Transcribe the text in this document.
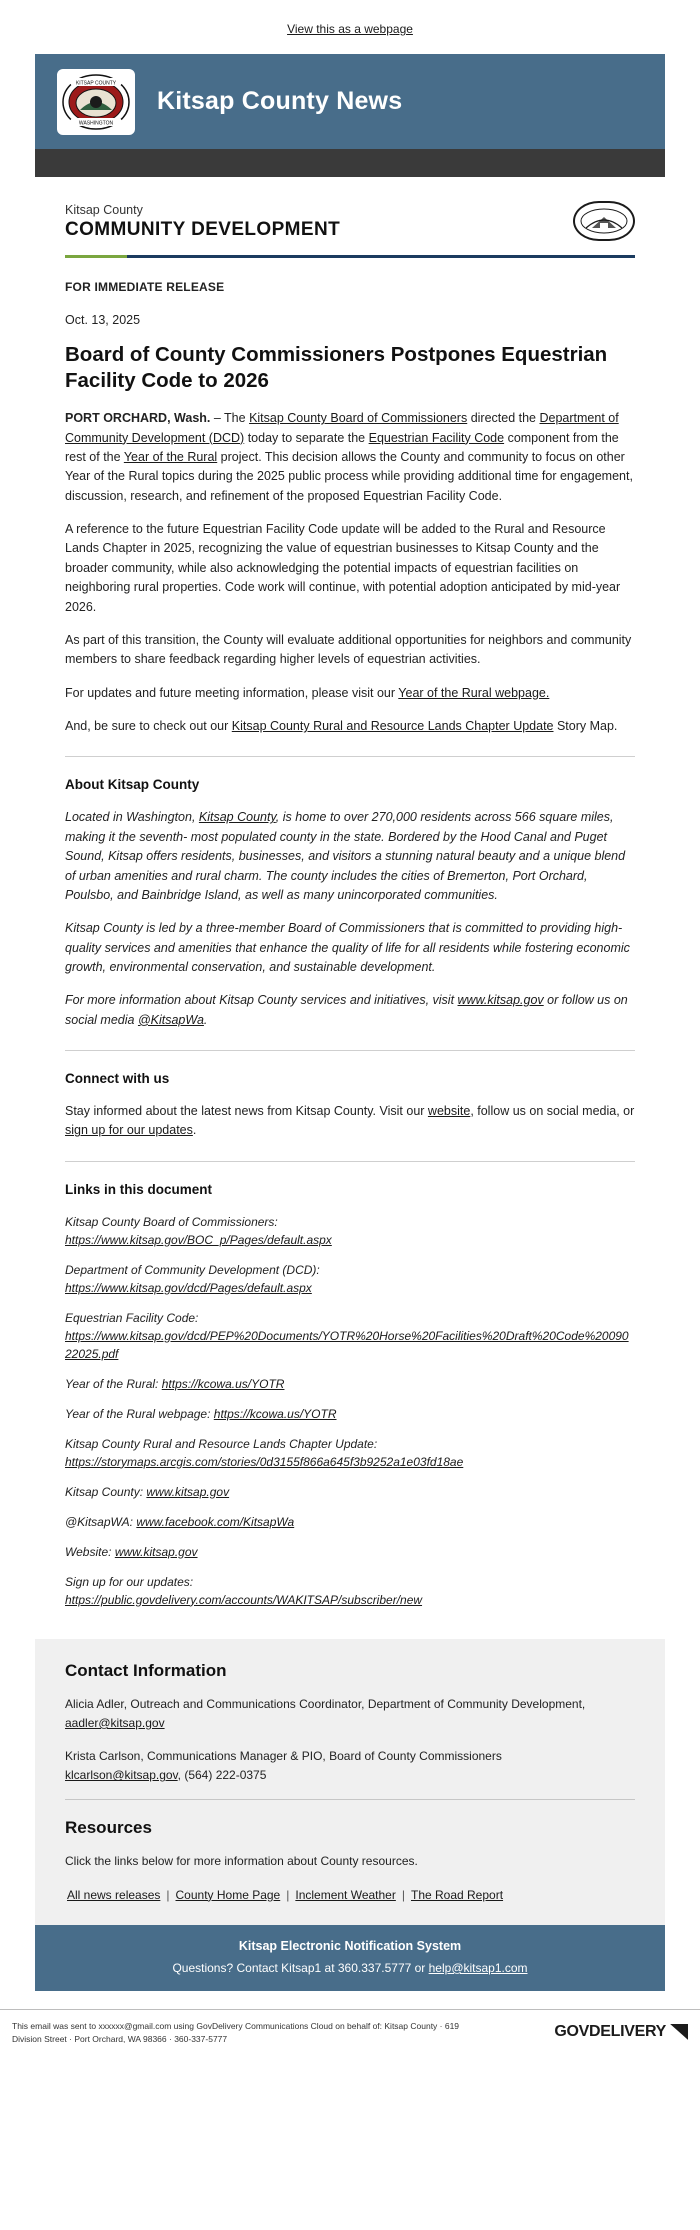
View this as a webpage
KITSAP COUNTY
WASHINGTON
Kitsap County News
Kitsap County
COMMUNITY DEVELOPMENT
FOR IMMEDIATE RELEASE
Oct. 13, 2025
Board of County Commissioners Postpones Equestrian Facility Code to 2026

PORT ORCHARD, Wash. – The Kitsap County Board of Commissioners directed the Department of Community Development (DCD) today to separate the Equestrian Facility Code component from the rest of the Year of the Rural project. This decision allows the County and community to focus on other Year of the Rural topics during the 2025 public process while providing additional time for engagement, discussion, research, and refinement of the proposed Equestrian Facility Code.

A reference to the future Equestrian Facility Code update will be added to the Rural and Resource Lands Chapter in 2025, recognizing the value of equestrian businesses to Kitsap County and the broader community, while also acknowledging the potential impacts of equestrian facilities on neighboring rural properties. Code work will continue, with potential adoption anticipated by mid-year 2026.

As part of this transition, the County will evaluate additional opportunities for neighbors and community members to share feedback regarding higher levels of equestrian activities.

For updates and future meeting information, please visit our Year of the Rural webpage.

And, be sure to check out our Kitsap County Rural and Resource Lands Chapter Update Story Map.

About Kitsap County

Located in Washington, Kitsap County, is home to over 270,000 residents across 566 square miles, making it the seventh- most populated county in the state. Bordered by the Hood Canal and Puget Sound, Kitsap offers residents, businesses, and visitors a stunning natural beauty and a unique blend of urban amenities and rural charm. The county includes the cities of Bremerton, Port Orchard, Poulsbo, and Bainbridge Island, as well as many unincorporated communities.

Kitsap County is led by a three-member Board of Commissioners that is committed to providing high-quality services and amenities that enhance the quality of life for all residents while fostering economic growth, environmental conservation, and sustainable development.

For more information about Kitsap County services and initiatives, visit www.kitsap.gov or follow us on social media @KitsapWa.

Connect with us

Stay informed about the latest news from Kitsap County. Visit our website, follow us on social media, or sign up for our updates.

Links in this document

Kitsap County Board of Commissioners:
https://www.kitsap.gov/BOC_p/Pages/default.aspx

Department of Community Development (DCD):
https://www.kitsap.gov/dcd/Pages/default.aspx

Equestrian Facility Code:
https://www.kitsap.gov/dcd/PEP%20Documents/YOTR%20Horse%20Facilities%20Draft%20Code%2009022025.pdf

Year of the Rural: https://kcowa.us/YOTR

Year of the Rural webpage: https://kcowa.us/YOTR

Kitsap County Rural and Resource Lands Chapter Update:
https://storymaps.arcgis.com/stories/0d3155f866a645f3b9252a1e03fd18ae

Kitsap County: www.kitsap.gov

@KitsapWA: www.facebook.com/KitsapWa

Website: www.kitsap.gov

Sign up for our updates:
https://public.govdelivery.com/accounts/WAKITSAP/subscriber/new

Contact Information

Alicia Adler, Outreach and Communications Coordinator, Department of Community Development, aadler@kitsap.gov

Krista Carlson, Communications Manager & PIO, Board of County Commissioners
klcarlson@kitsap.gov, (564) 222-0375

Resources

Click the links below for more information about County resources.

All news releases | County Home Page | Inclement Weather | The Road Report

Kitsap Electronic Notification System
Questions? Contact Kitsap1 at 360.337.5777 or help@kitsap1.com
This email was sent to xxxxxx@gmail.com using GovDelivery Communications Cloud on behalf of: Kitsap County · 619 Division Street · Port Orchard, WA 98366 · 360-337-5777	GOVDELIVERY
